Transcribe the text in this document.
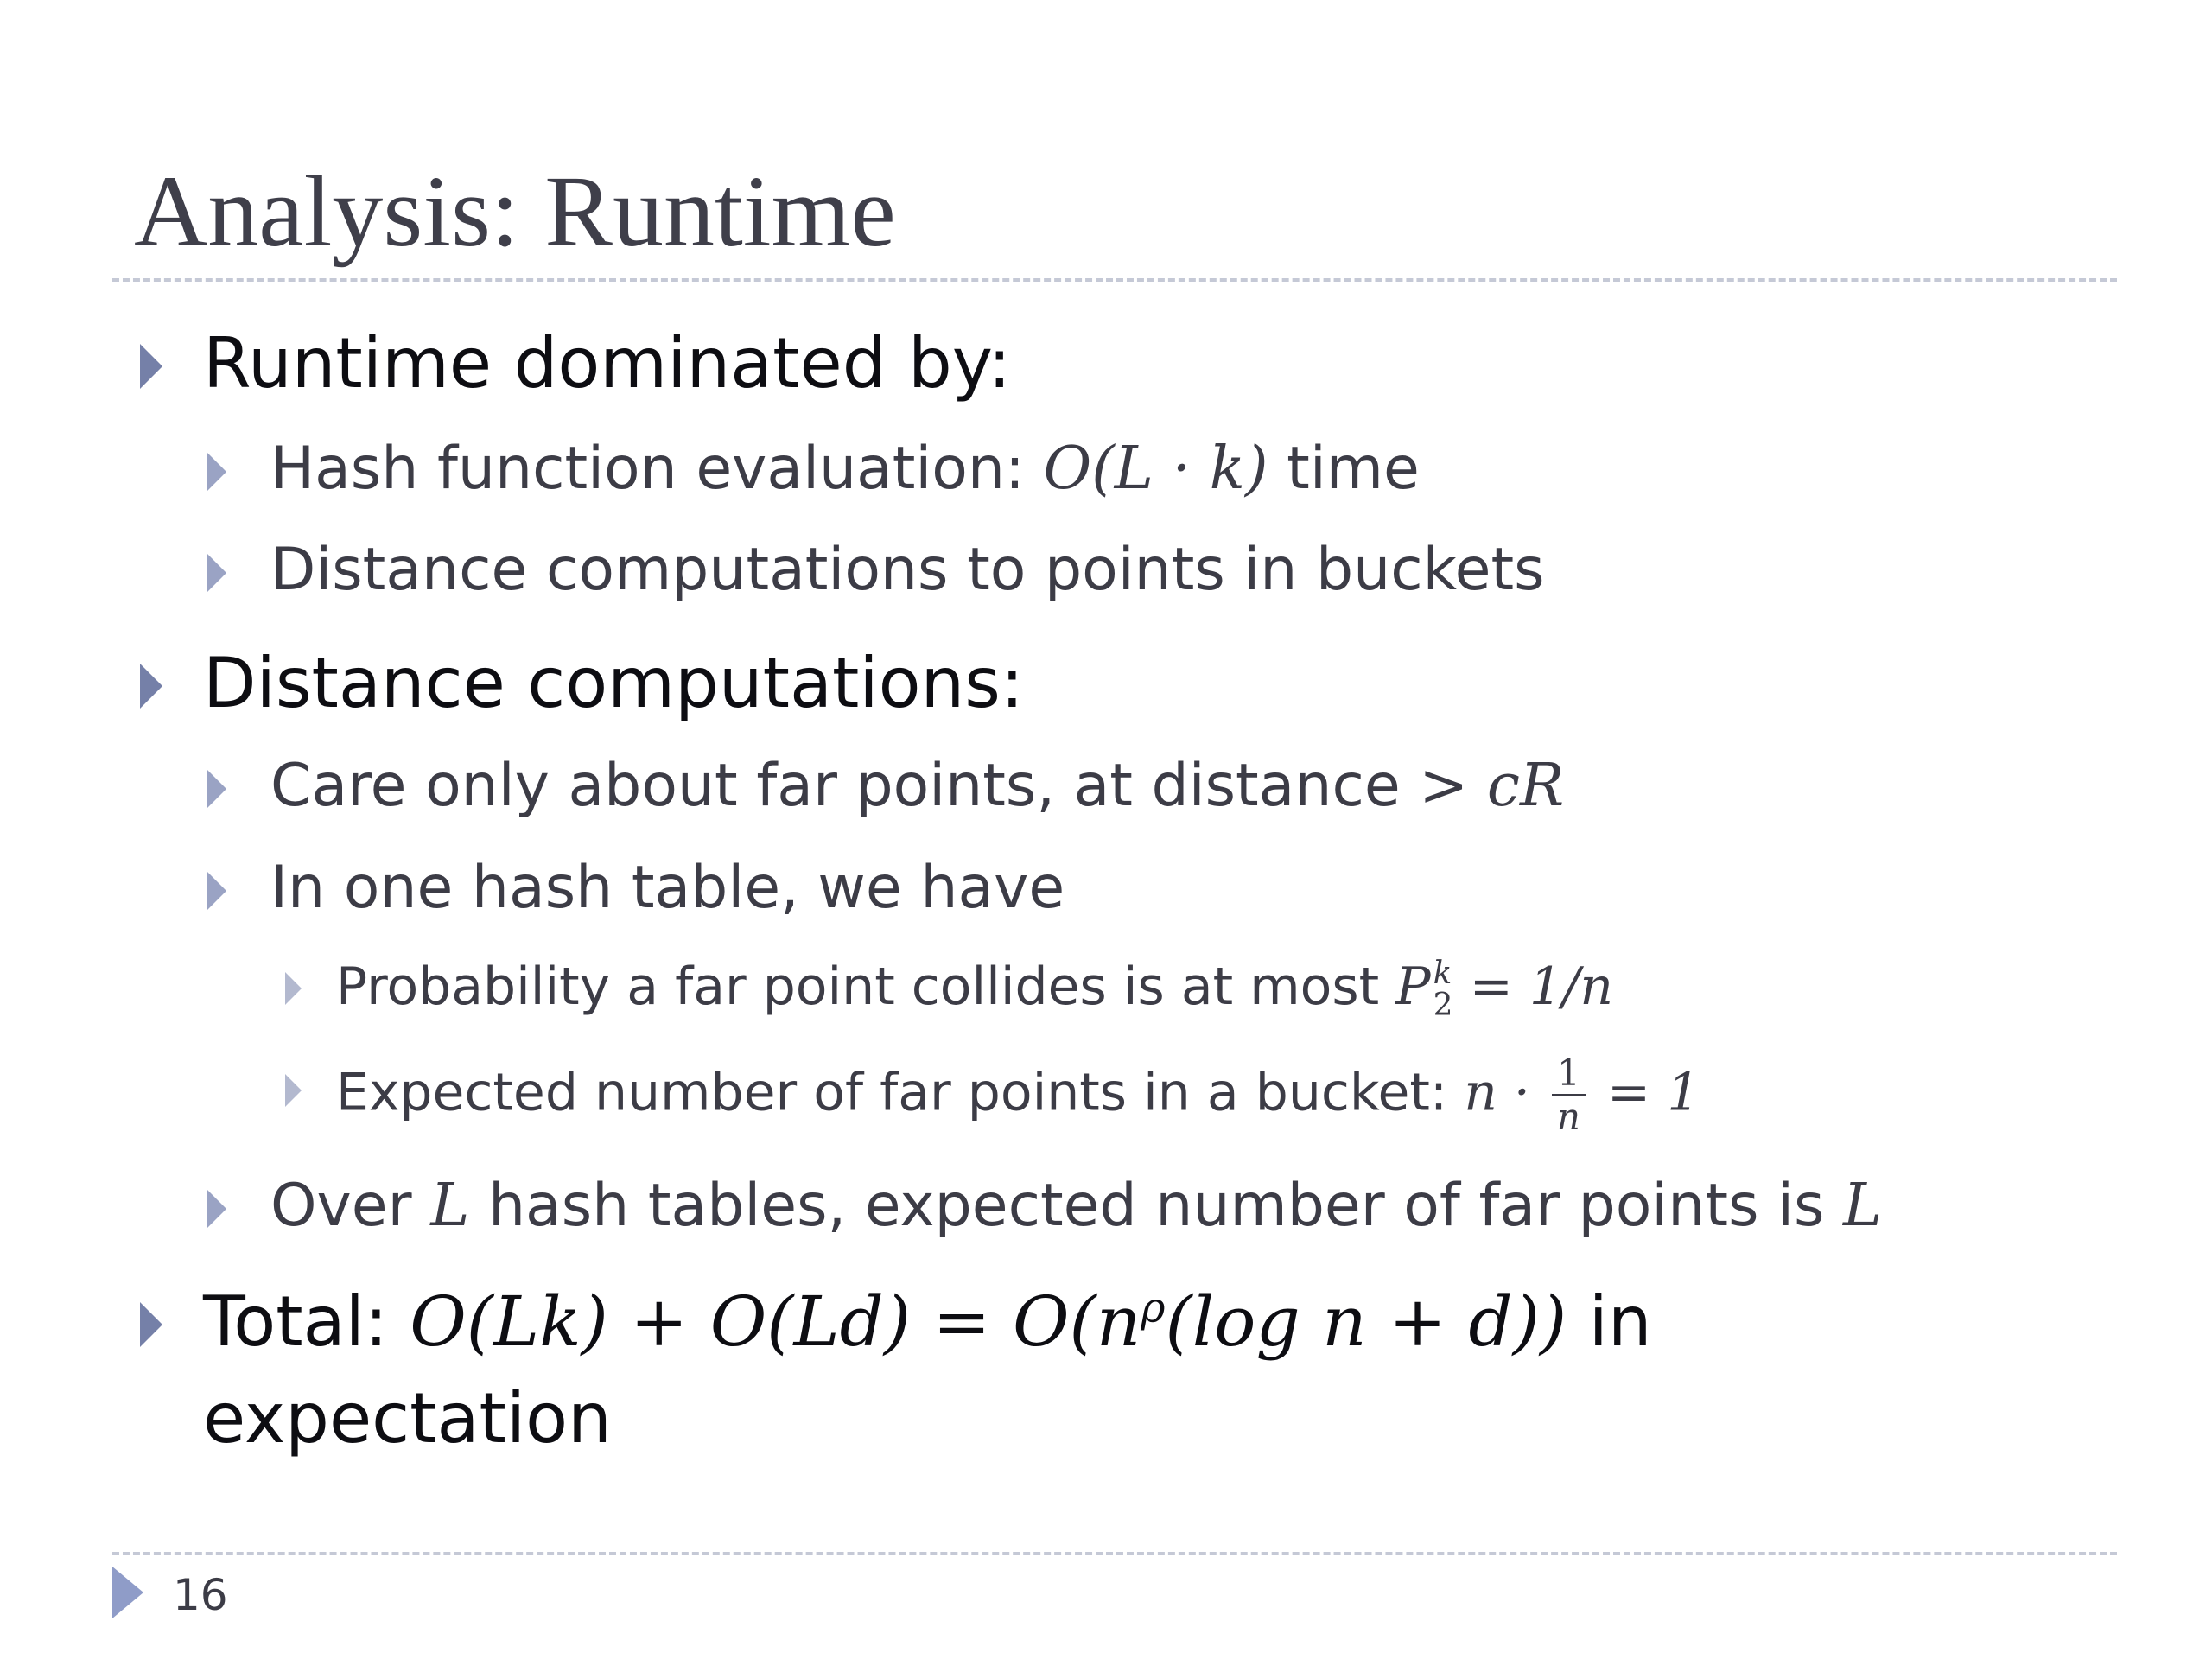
Analysis: Runtime
Runtime dominated by:
Hash function evaluation: O(L · k) time
Distance computations to points in buckets
Distance computations:
Care only about far points, at distance > cR
In one hash table, we have
Probability a far point collides is at most P k
2 = 1/n
Expected number of far points in a bucket: $n \cdot \frac{1}{n} = 1$
Over L hash tables, expected number of far points is L
Total: $O(Lk) + O(Ld) = O(n^\rho(\log$ n + d)) in
expectation
16
